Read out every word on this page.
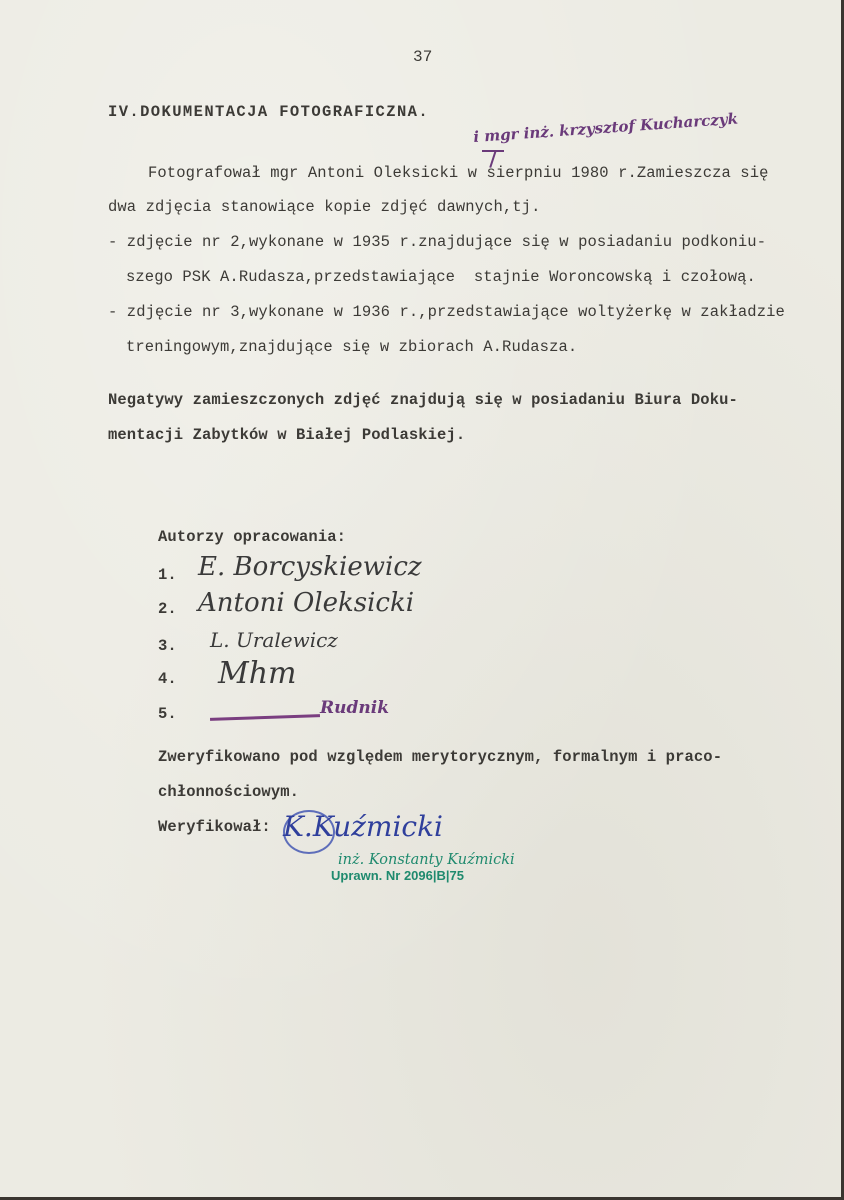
37
IV.DOKUMENTACJA FOTOGRAFICZNA.	i mgr inż. krzysztof Kucharczyk
Fotografował mgr Antoni Oleksicki w sierpniu 1980 r.Zamieszcza się
dwa zdjęcia stanowiące kopie zdjęć dawnych,tj.
- zdjęcie nr 2,wykonane w 1935 r.znajdujące się w posiadaniu podkoniu-
szego PSK A.Rudasza,przedstawiające  stajnie Woroncowską i czołową.
- zdjęcie nr 3,wykonane w 1936 r.,przedstawiające woltyżerkę w zakładzie
treningowym,znajdujące się w zbiorach A.Rudasza.
Negatywy zamieszczonych zdjęć znajdują się w posiadaniu Biura Doku-
mentacji Zabytków w Białej Podlaskiej.
Autorzy opracowania:
1. E. Borcyskiewicz
2. Antoni Oleksicki
3. L. Uralewicz
4. Mhm
5.	Rudnik
Zweryfikowano pod względem merytorycznym, formalnym i praco-
chłonnościowym.
Weryfikował: K.Kuźmicki
inż. Konstanty Kuźmicki
Uprawn. Nr 2096|B|75
